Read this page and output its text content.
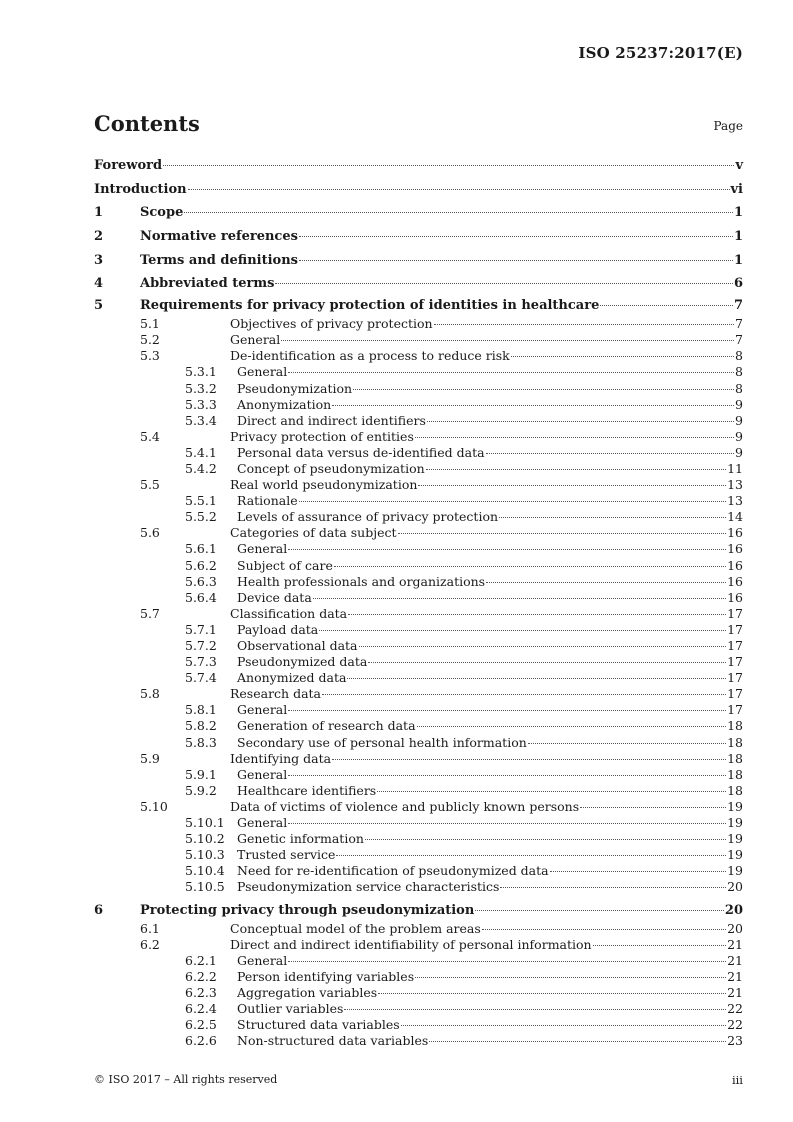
ISO 25237:2017(E)
Contents	Page
Foreword	v
Introduction	vi
1	Scope	1
2	Normative references	1
3	Terms and definitions	1
4	Abbreviated terms	6
5	Requirements for privacy protection of identities in healthcare	7
5.1	Objectives of privacy protection	7
5.2	General	7
5.3	De-identification as a process to reduce risk	8
5.3.1	General	8
5.3.2	Pseudonymization	8
5.3.3	Anonymization	9
5.3.4	Direct and indirect identifiers	9
5.4	Privacy protection of entities	9
5.4.1	Personal data versus de-identified data	9
5.4.2	Concept of pseudonymization	11
5.5	Real world pseudonymization	13
5.5.1	Rationale	13
5.5.2	Levels of assurance of privacy protection	14
5.6	Categories of data subject	16
5.6.1	General	16
5.6.2	Subject of care	16
5.6.3	Health professionals and organizations	16
5.6.4	Device data	16
5.7	Classification data	17
5.7.1	Payload data	17
5.7.2	Observational data	17
5.7.3	Pseudonymized data	17
5.7.4	Anonymized data	17
5.8	Research data	17
5.8.1	General	17
5.8.2	Generation of research data	18
5.8.3	Secondary use of personal health information	18
5.9	Identifying data	18
5.9.1	General	18
5.9.2	Healthcare identifiers	18
5.10	Data of victims of violence and publicly known persons	19
5.10.1 General	19
5.10.2 Genetic information	19
5.10.3 Trusted service	19
5.10.4 Need for re-identification of pseudonymized data	19
5.10.5 Pseudonymization service characteristics	20
6	Protecting privacy through pseudonymization	20
6.1	Conceptual model of the problem areas	20
6.2	Direct and indirect identifiability of personal information	21
6.2.1	General	21
6.2.2	Person identifying variables	21
6.2.3	Aggregation variables	21
6.2.4	Outlier variables	22
6.2.5	Structured data variables	22
6.2.6	Non-structured data variables	23
© ISO 2017 – All rights reserved	iii
